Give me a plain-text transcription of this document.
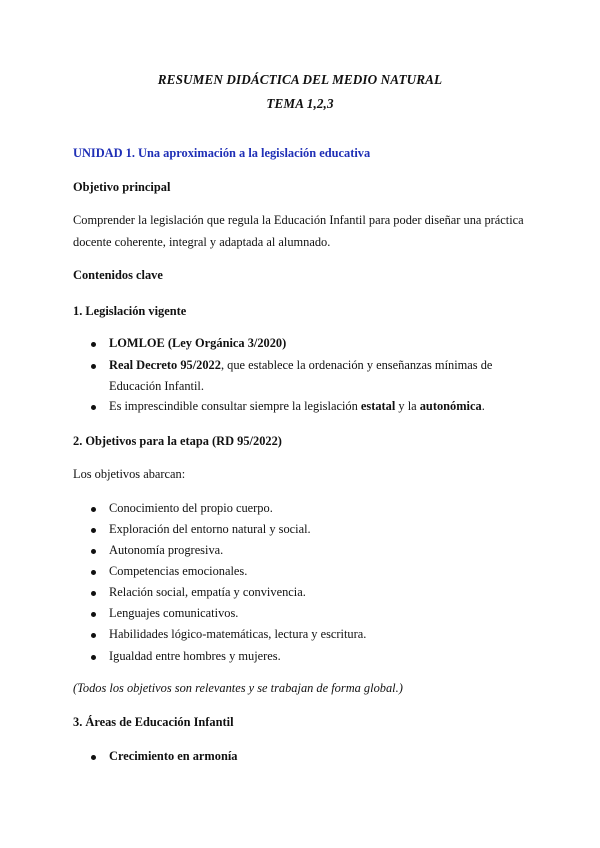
RESUMEN DIDÁCTICA DEL MEDIO NATURAL
TEMA 1,2,3
UNIDAD 1. Una aproximación a la legislación educativa
Objetivo principal
Comprender la legislación que regula la Educación Infantil para poder diseñar una práctica
docente coherente, integral y adaptada al alumnado.
Contenidos clave
1. Legislación vigente
LOMLOE (Ley Orgánica 3/2020)
Real Decreto 95/2022, que establece la ordenación y enseñanzas mínimas de
Educación Infantil.
Es imprescindible consultar siempre la legislación estatal y la autonómica.
2. Objetivos para la etapa (RD 95/2022)
Los objetivos abarcan:
Conocimiento del propio cuerpo.
Exploración del entorno natural y social.
Autonomía progresiva.
Competencias emocionales.
Relación social, empatía y convivencia.
Lenguajes comunicativos.
Habilidades lógico-matemáticas, lectura y escritura.
Igualdad entre hombres y mujeres.
(Todos los objetivos son relevantes y se trabajan de forma global.)
3. Áreas de Educación Infantil
Crecimiento en armonía
